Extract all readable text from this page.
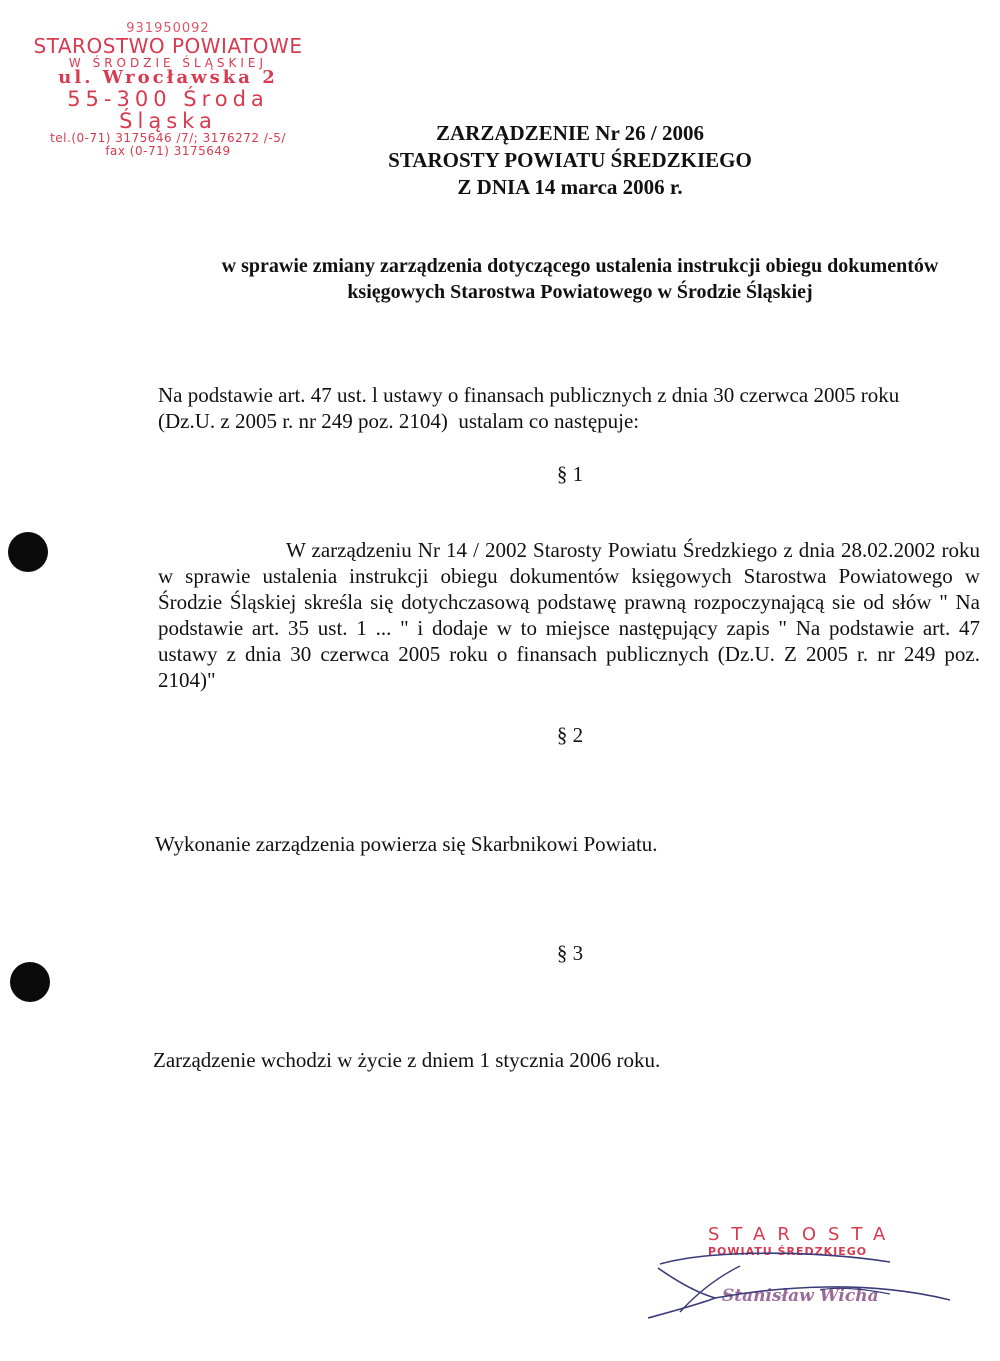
931950092
STAROSTWO POWIATOWE
W ŚRODZIE ŚLĄSKIEJ
ul. Wrocławska 2
55-300 Środa Śląska
tel.(0-71) 3175646 /7/; 3176272 /-5/
fax (0-71) 3175649
ZARZĄDZENIE Nr 26 / 2006
STAROSTY POWIATU ŚREDZKIEGO
Z DNIA 14 marca 2006 r.
w sprawie zmiany zarządzenia dotyczącego ustalenia instrukcji obiegu dokumentów
księgowych Starostwa Powiatowego w Środzie Śląskiej
Na podstawie art. 47 ust. l ustawy o finansach publicznych z dnia 30 czerwca 2005 roku
(Dz.U. z 2005 r. nr 249 poz. 2104)  ustalam co następuje:
§ 1
W zarządzeniu Nr 14 / 2002 Starosty Powiatu Średzkiego z dnia 28.02.2002 roku w sprawie ustalenia instrukcji obiegu dokumentów księgowych Starostwa Powiatowego w Środzie Śląskiej skreśla się dotychczasową podstawę prawną rozpoczynającą sie od słów " Na podstawie art. 35 ust. 1 ... " i dodaje w to miejsce następujący zapis " Na podstawie art. 47 ustawy z dnia 30 czerwca 2005 roku o finansach publicznych (Dz.U. Z 2005 r. nr 249 poz. 2104)"
§ 2
Wykonanie zarządzenia powierza się Skarbnikowi Powiatu.
§ 3
Zarządzenie wchodzi w życie z dniem 1 stycznia 2006 roku.
STAROSTA
POWIATU ŚREDZKIEGO
Stanisław Wicha
